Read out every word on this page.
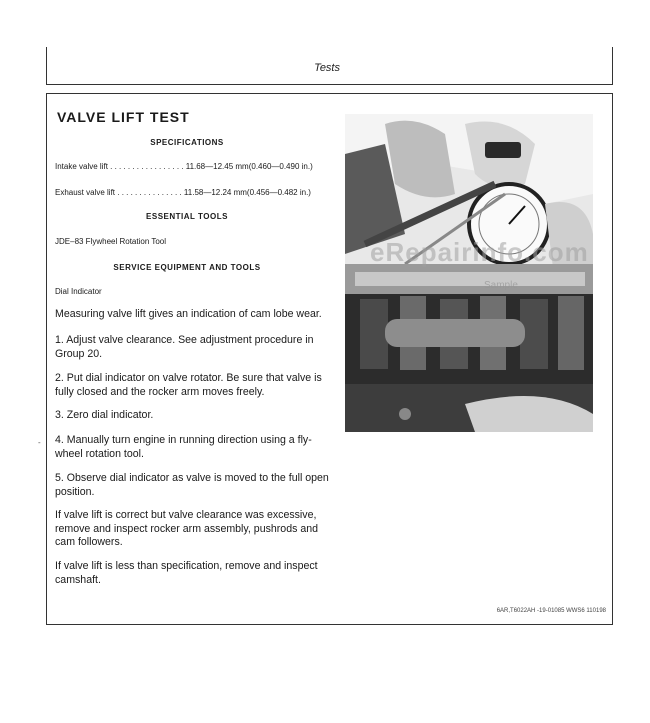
Tests
-
VALVE LIFT TEST
SPECIFICATIONS
Intake valve lift . . . . . . . . . . . . . . . . . 11.68—12.45 mm(0.460—0.490 in.)
Exhaust valve lift . . . . . . . . . . . . . . . 11.58—12.24 mm(0.456—0.482 in.)
ESSENTIAL TOOLS
JDE–83 Flywheel Rotation Tool
SERVICE EQUIPMENT AND TOOLS
Dial Indicator
Measuring valve lift gives an indication of cam lobe wear.
1. Adjust valve clearance. See adjustment procedure in Group 20.
2. Put dial indicator on valve rotator. Be sure that valve is fully closed and the rocker arm moves freely.
3. Zero dial indicator.
4. Manually turn engine in running direction using a fly-wheel rotation tool.
5. Observe dial indicator as valve is moved to the full open position.
If valve lift is correct but valve clearance was excessive, remove and inspect rocker arm assembly, pushrods and cam followers.
If valve lift is less than specification, remove and inspect camshaft.
6AR,T6022AH -19-01085 WWS6 110198
eRepairinfo.com
Sample
